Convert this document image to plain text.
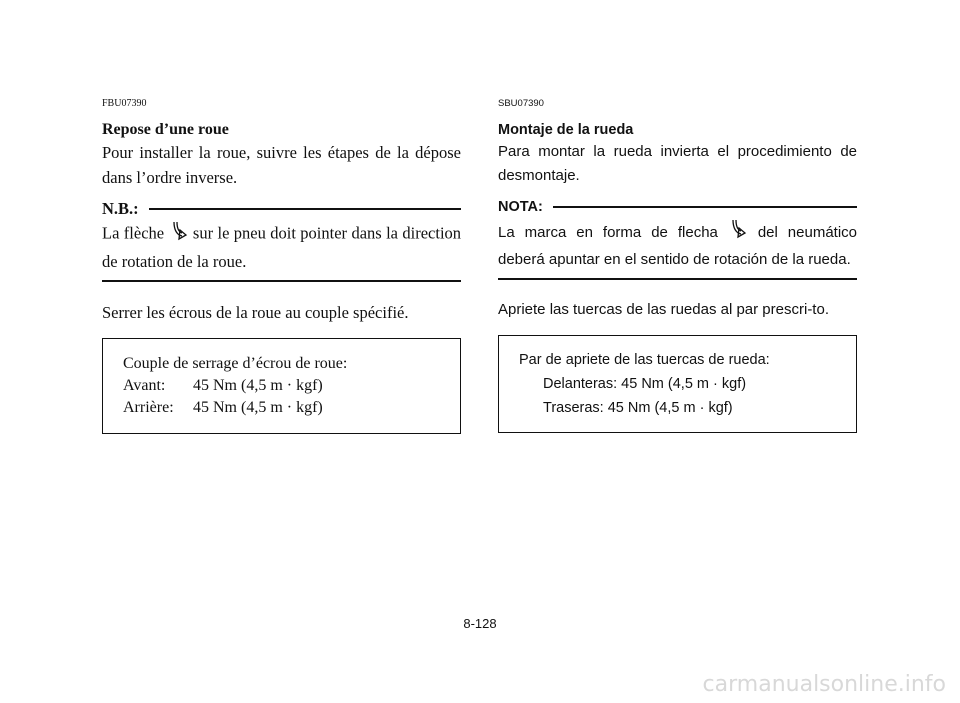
FBU07390

Repose d’une roue

Pour installer la roue, suivre les étapes de la dépose dans l’ordre inverse.

N.B.:

La flèche sur le pneu doit pointer dans la direction de rotation de la roue.

Serrer les écrous de la roue au couple spécifié.

Couple de serrage d’écrou de roue:
Avant: 45 Nm (4,5 m · kgf)
Arrière: 45 Nm (4,5 m · kgf)
SBU07390

Montaje de la rueda

Para montar la rueda invierta el procedimiento de desmontaje.

NOTA:

La marca en forma de flecha	del neumático deberá apuntar en el sentido de rotación de la rueda.

Apriete las tuercas de las ruedas al par prescri-to.

Par de apriete de las tuercas de rueda:
Delanteras: 45 Nm (4,5 m · kgf)
Traseras: 45 Nm (4,5 m · kgf)
8-128
carmanualsonline.info
